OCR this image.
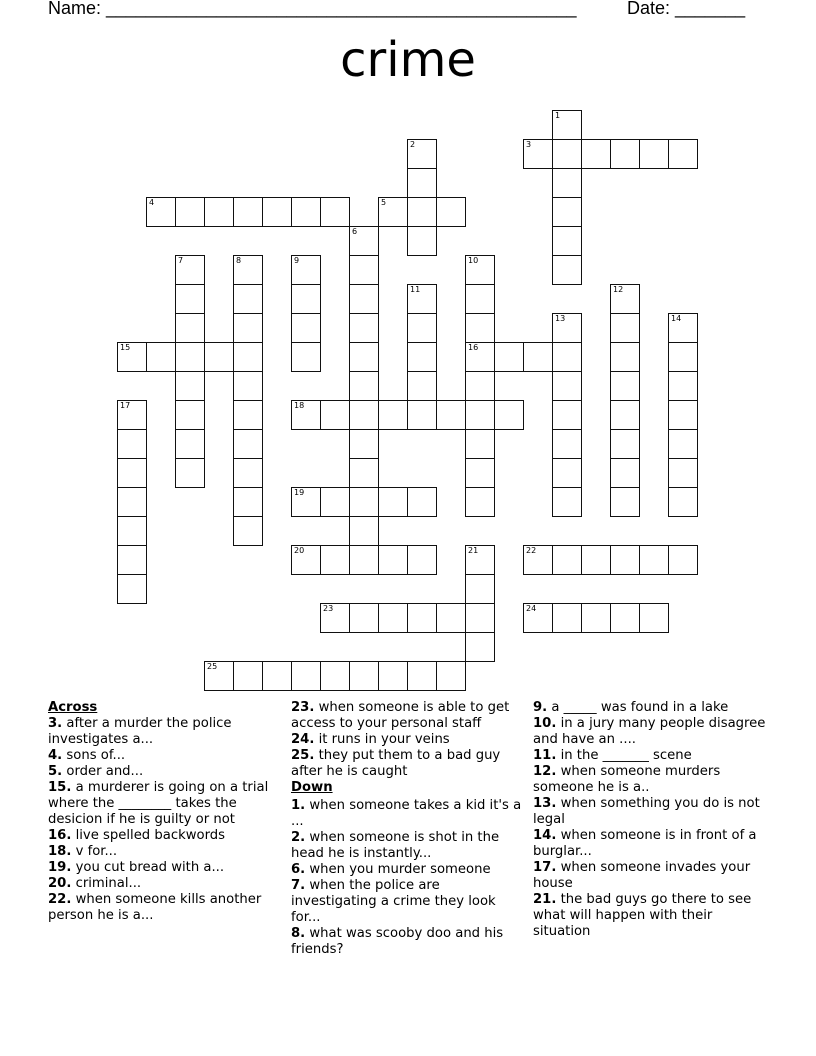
Name: _______________________________________________	Date: _______
crime
1
2	3
4	5
6
7	8	9	10
16
11	12
13	14
15
17	18
19
20	21	22
23	24
25
Across

3. after a murder the police investigates a...

4. sons of...

5. order and...

15. a murderer is going on a trial where the ________ takes the desicion if he is guilty or not

16. live spelled backwords

18. v for...

19. you cut bread with a...

20. criminal...

22. when someone kills another person he is a...

23. when someone is able to get access to your personal staff

24. it runs in your veins

25. they put them to a bad guy after he is caught

Down

1. when someone takes a kid it's a ...

2. when someone is shot in the head he is instantly...

6. when you murder someone

7. when the police are investigating a crime they look for...

8. what was scooby doo and his friends?

9. a _____ was found in a lake

10. in a jury many people disagree and have an ....

11. in the _______ scene

12. when someone murders someone he is a..

13. when something you do is not legal

14. when someone is in front of a burglar...

17. when someone invades your house

21. the bad guys go there to see what will happen with their situation
